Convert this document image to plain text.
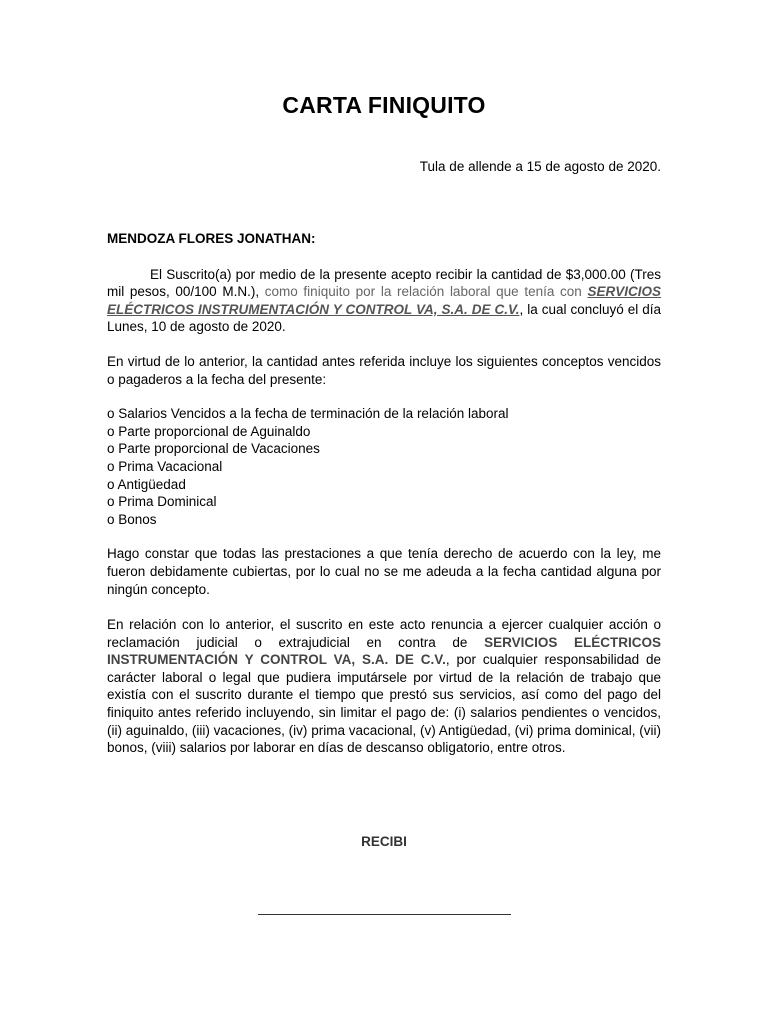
CARTA FINIQUITO
Tula de allende a 15 de agosto de 2020.
MENDOZA FLORES JONATHAN:

El Suscrito(a) por medio de la presente acepto recibir la cantidad de $3,000.00 (Tres mil pesos, 00/100 M.N.), como finiquito por la relación laboral que tenía con SERVICIOS ELÉCTRICOS INSTRUMENTACIÓN Y CONTROL VA, S.A. DE C.V., la cual concluyó el día Lunes, 10 de agosto de 2020.

En virtud de lo anterior, la cantidad antes referida incluye los siguientes conceptos vencidos o pagaderos a la fecha del presente:

o Salarios Vencidos a la fecha de terminación de la relación laboral
o Parte proporcional de Aguinaldo
o Parte proporcional de Vacaciones
o Prima Vacacional
o Antigüedad
o Prima Dominical
o Bonos

Hago constar que todas las prestaciones a que tenía derecho de acuerdo con la ley, me fueron debidamente cubiertas, por lo cual no se me adeuda a la fecha cantidad alguna por ningún concepto.

En relación con lo anterior, el suscrito en este acto renuncia a ejercer cualquier acción o reclamación judicial o extrajudicial en contra de SERVICIOS ELÉCTRICOS INSTRUMENTACIÓN Y CONTROL VA, S.A. DE C.V., por cualquier responsabilidad de carácter laboral o legal que pudiera imputársele por virtud de la relación de trabajo que existía con el suscrito durante el tiempo que prestó sus servicios, así como del pago del finiquito antes referido incluyendo, sin limitar el pago de: (i) salarios pendientes o vencidos, (ii) aguinaldo, (iii) vacaciones, (iv) prima vacacional, (v) Antigüedad, (vi) prima dominical, (vii) bonos, (viii) salarios por laborar en días de descanso obligatorio, entre otros.

RECIBI
